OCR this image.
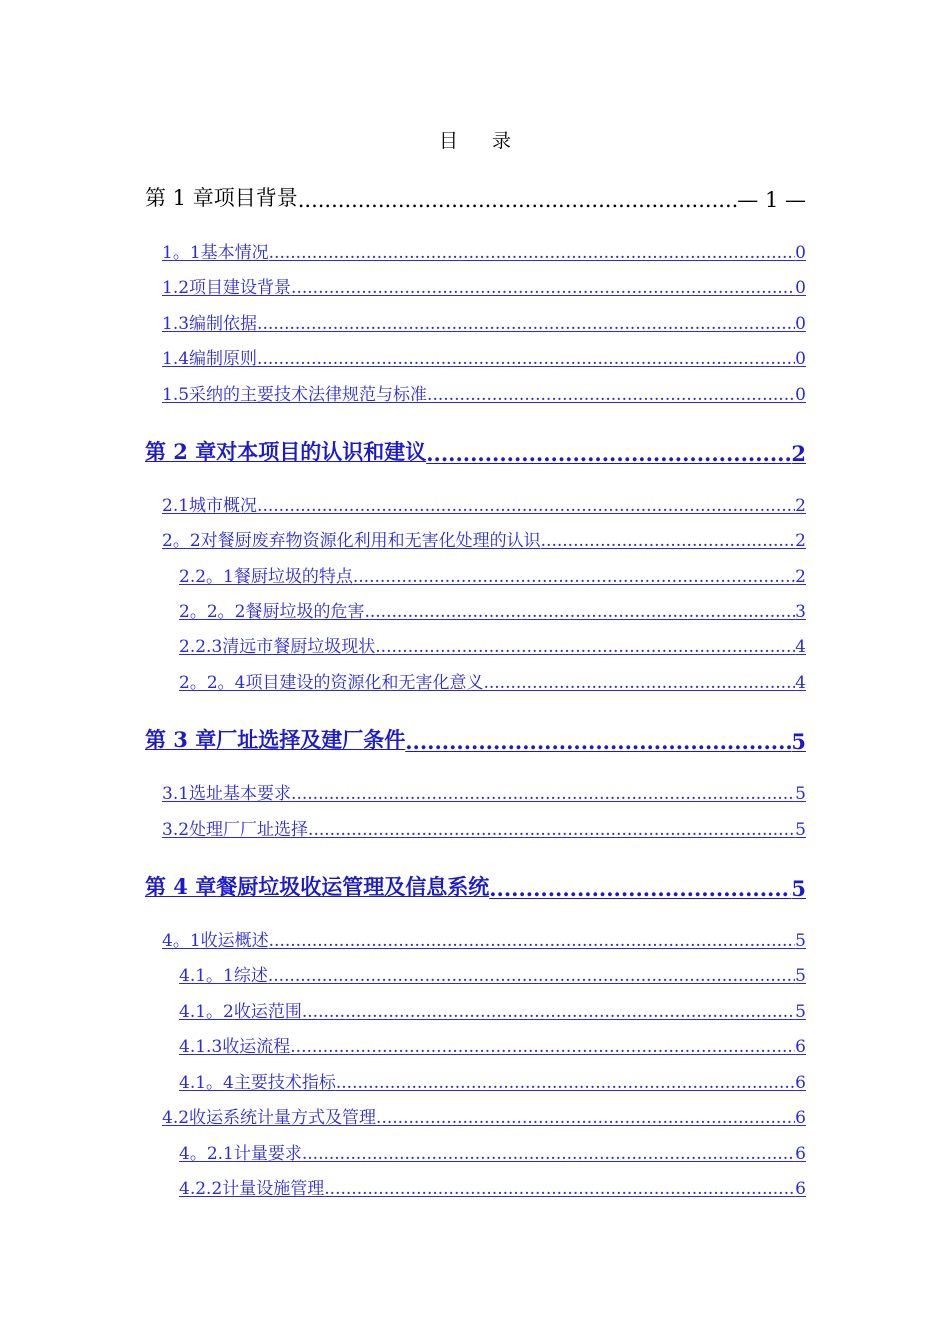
目 录
第 1 章 项目背景 .....	— 1 —
1。1 基本情况 .....	0
1.2 项目建设背景 .....	0
1.3 编制依据 .....	0
1.4 编制原则 .....	0
1.5 采纳的主要技术法律规范与标准 .....	0
第 2 章 对本项目的认识和建议 .....	2
2.1 城市概况 .....	2
2。2 对餐厨废弃物资源化利用和无害化处理的认识 .....	2
2.2。1 餐厨垃圾的特点 .....	2
2。2。2 餐厨垃圾的危害 .....	3
2.2.3 清远市餐厨垃圾现状 .....	4
2。2。4 项目建设的资源化和无害化意义 .....	4
第 3 章 厂址选择及建厂条件 .....	5
3.1 选址基本要求 .....	5
3.2 处理厂厂址选择 .....	5
第 4 章 餐厨垃圾收运管理及信息系统 .....	5
4。1 收运概述 .....	5
4.1。1 综述 .....	5
4.1。2 收运范围 .....	5
4.1.3 收运流程 .....	6
4.1。4 主要技术指标 .....	6
4.2 收运系统计量方式及管理 .....	6
4。2.1 计量要求 .....	6
4.2.2 计量设施管理 .....	6
